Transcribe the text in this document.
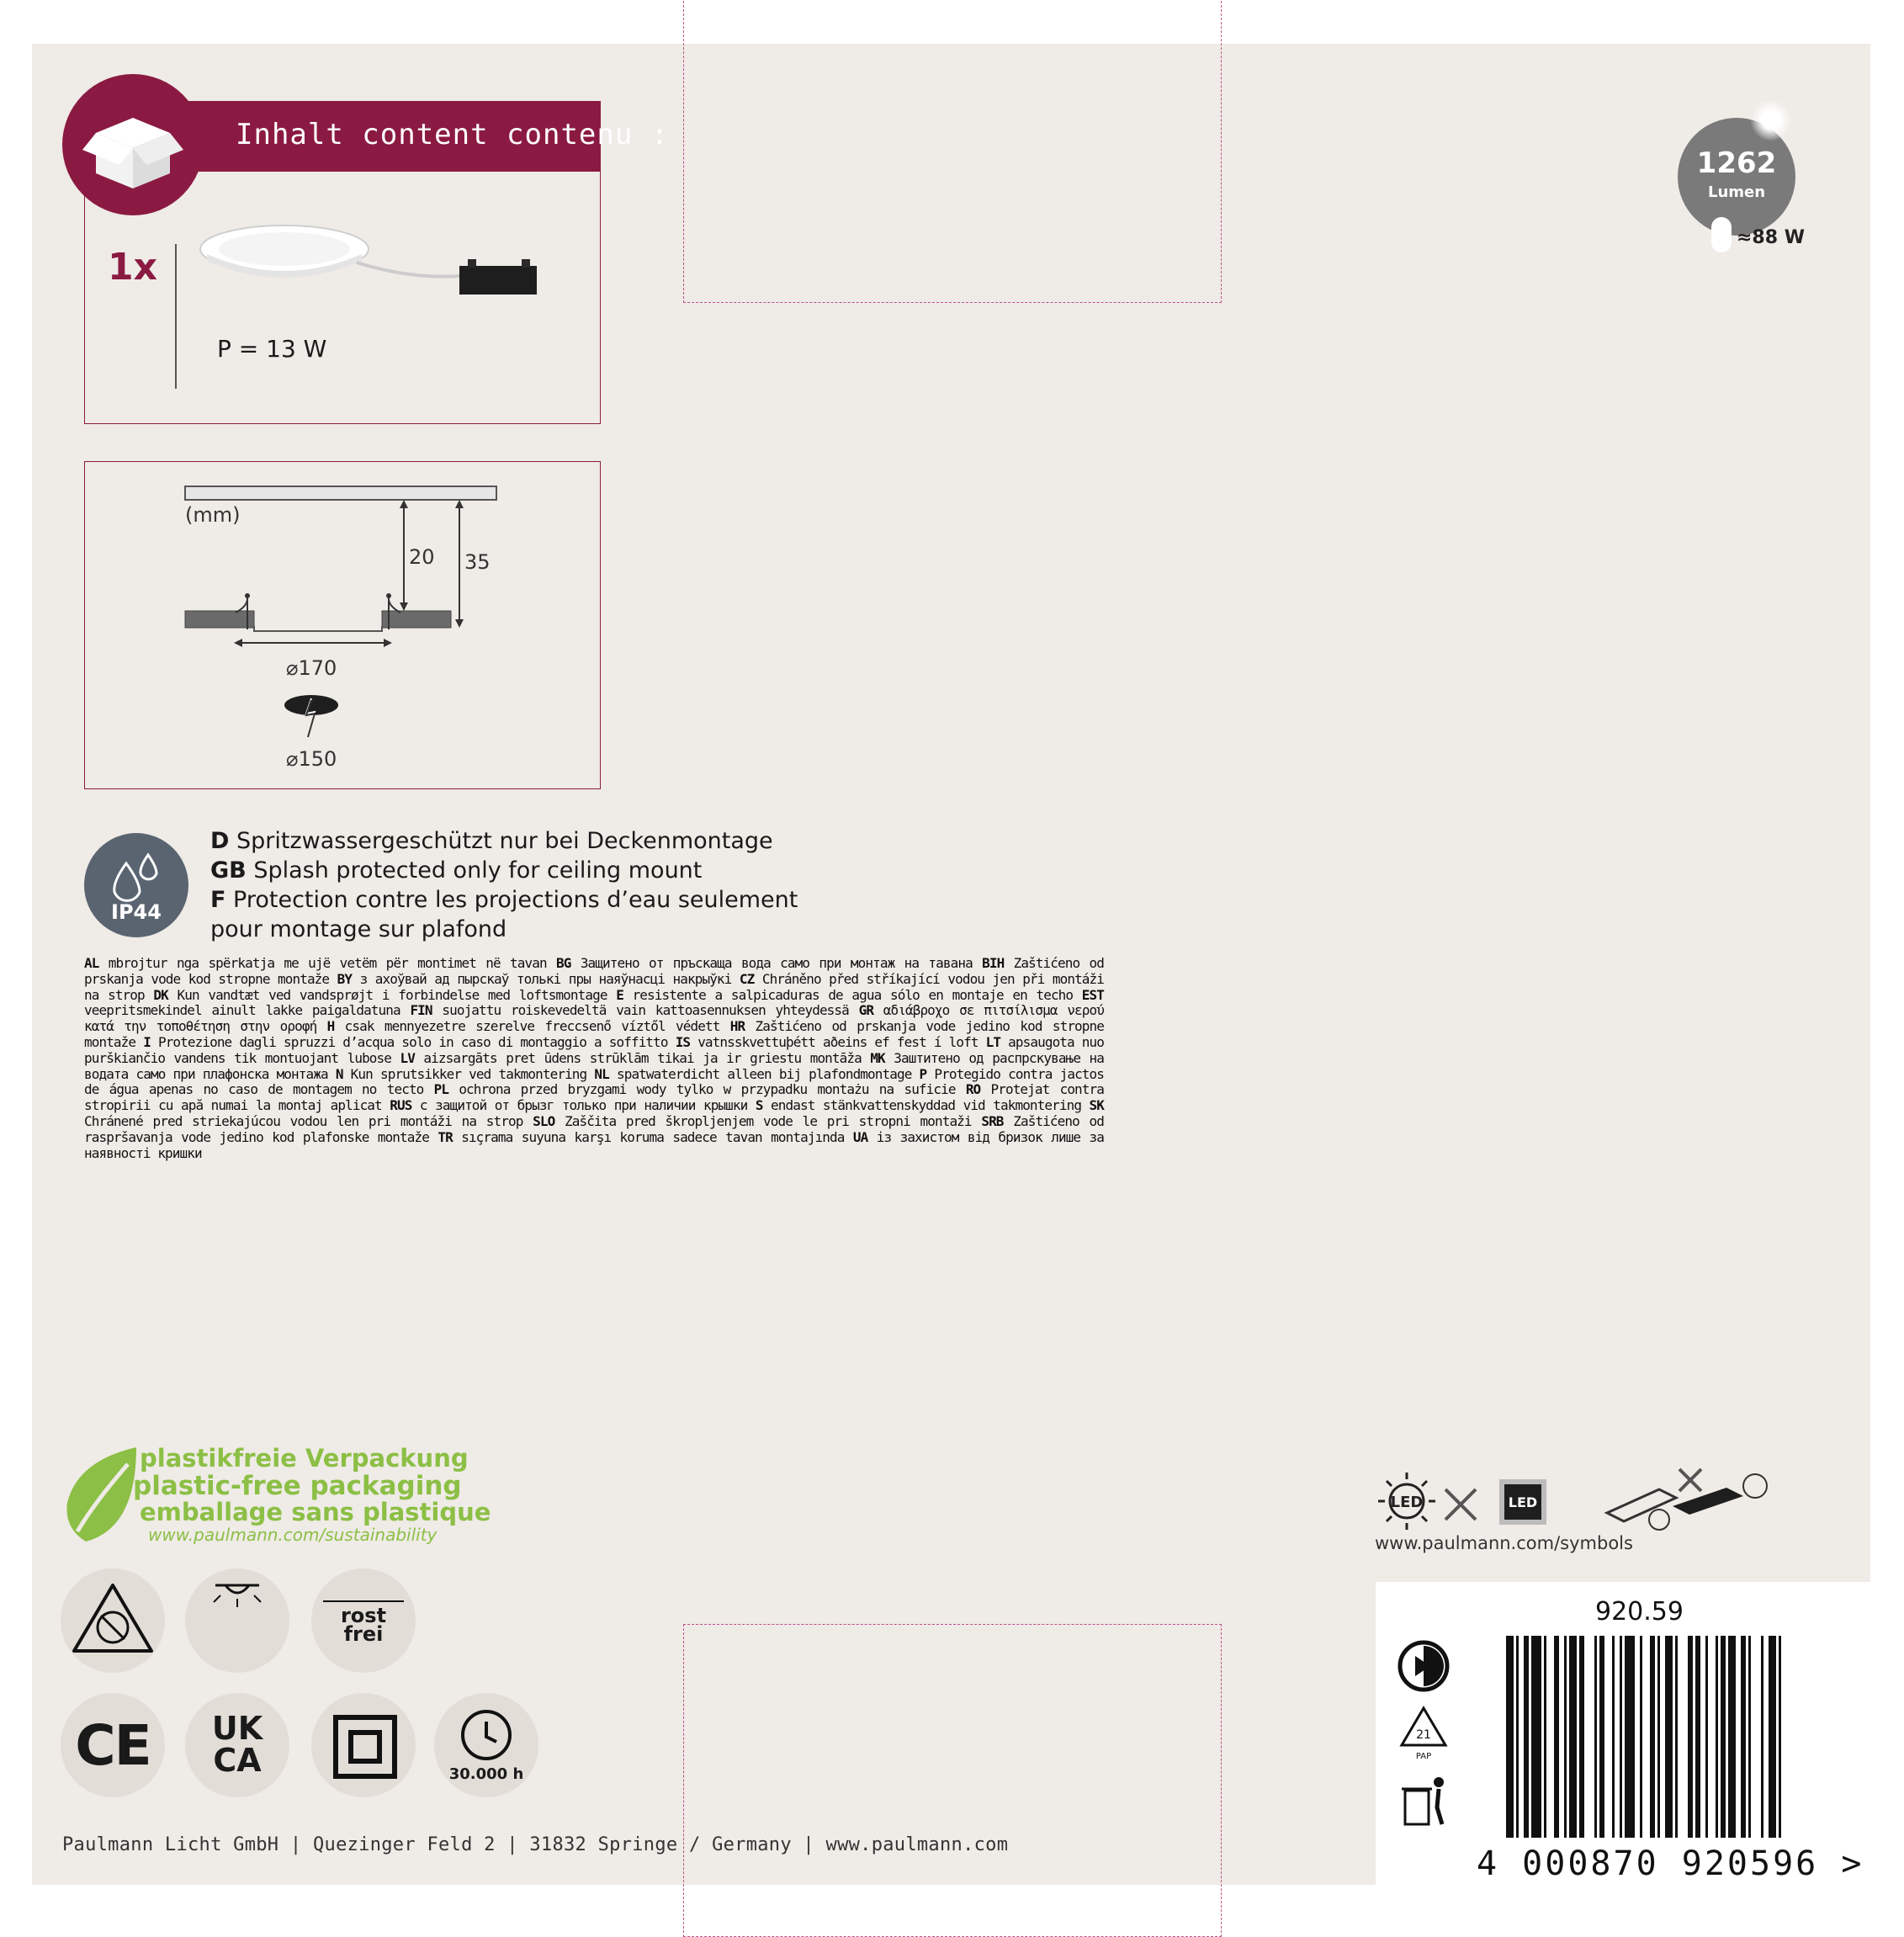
Inhalt content contenu :
1x
P = 13 W
(mm)
20 35
⌀170
⌀150
IP44
D Spritzwassergeschützt nur bei Deckenmontage
GB Splash protected only for ceiling mount
F Protection contre les projections d’eau seulement
pour montage sur plafond
AL mbrojtur nga spërkatja me ujë vetëm për montimet në tavan BG Защитено от пръскаща вода само при монтаж на тавана BIH Zaštićeno od prskanja vode kod stropne montaže BY з ахоўвай ад пырскаў толькі пры наяўнасці накрыўкі CZ Chráněno před stříkající vodou jen při montáži na strop DK Kun vandtæt ved vandsprøjt i forbindelse med loftsmontage E resistente a salpicaduras de agua sólo en montaje en techo EST veepritsmekindel ainult lakke paigaldatuna FIN suojattu roiskevedeltä vain kattoasennuksen yhteydessä GR αδιάβροχο σε πιτσίλισμα νερού κατά την τοποθέτηση στην οροφή H csak mennyezetre szerelve freccsenő víztől védett HR Zaštićeno od prskanja vode jedino kod stropne montaže I Protezione dagli spruzzi d’acqua solo in caso di montaggio a soffitto IS vatnsskvettuþétt aðeins ef fest í loft LT apsaugota nuo purškiančio vandens tik montuojant lubose LV aizsargāts pret ūdens strūklām tikai ja ir griestu montāža MK Заштитено од распрскување на водата само при плафонска монтажа N Kun sprutsikker ved takmontering NL spatwaterdicht alleen bij plafondmontage P Protegido contra jactos de água apenas no caso de montagem no tecto PL ochrona przed bryzgami wody tylko w przypadku montażu na suficie RO Protejat contra stropirii cu apă numai la montaj aplicat RUS с защитой от брызг только при наличии крышки S endast stänkvattenskyddad vid takmontering SK Chránené pred striekajúcou vodou len pri montáži na strop SLO Zaščita pred škropljenjem vode le pri stropni montaži SRB Zaštićeno od raspršavanja vode jedino kod plafonske montaže TR sıçrama suyuna karşı koruma sadece tavan montajında UA із захистом від бризок лише за наявності кришки
1262
Lumen
≈88 W
plastikfreie Verpackung
plastic-free packaging
emballage sans plastique
www.paulmann.com/sustainability
rost
frei
CE	UK
CA	30.000 h
Paulmann Licht GmbH | Quezinger Feld 2 | 31832 Springe / Germany | www.paulmann.com
LED	LED
www.paulmann.com/symbols
920.59
21
PAP
4 000870 920596 >
